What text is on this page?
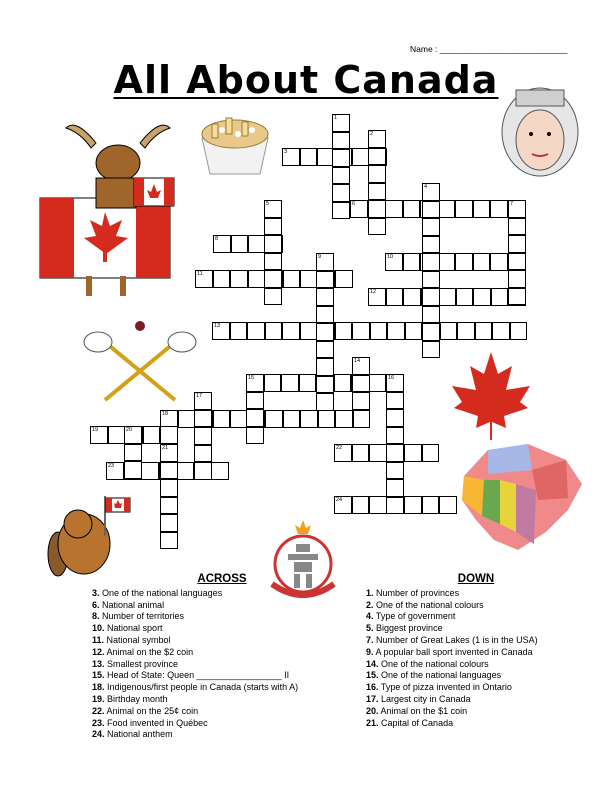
Name : ___________________________
All About Canada
1
2
3
4
5	6	7
8
9	10
11
12
13
14
15	16
17
18
19	20
21	22
23
24
ACROSS
3. One of the national languages
6. National animal
8. Number of territories
10. National sport
11. National symbol
12. Animal on the $2 coin
13. Smallest province
15. Head of State: Queen _________________ II
18. Indigenous/first people in Canada (starts with A)
19. Birthday month
22. Animal on the 25¢ coin
23. Food invented in Québec
24. National anthem
DOWN
1. Number of provinces
2. One of the national colours
4. Type of government
5. Biggest province
7. Number of Great Lakes (1 is in the USA)
9. A popular ball sport invented in Canada
14. One of the national colours
15. One of the national languages
16. Type of pizza invented in Ontario
17. Largest city in Canada
20. Animal on the $1 coin
21. Capital of Canada
